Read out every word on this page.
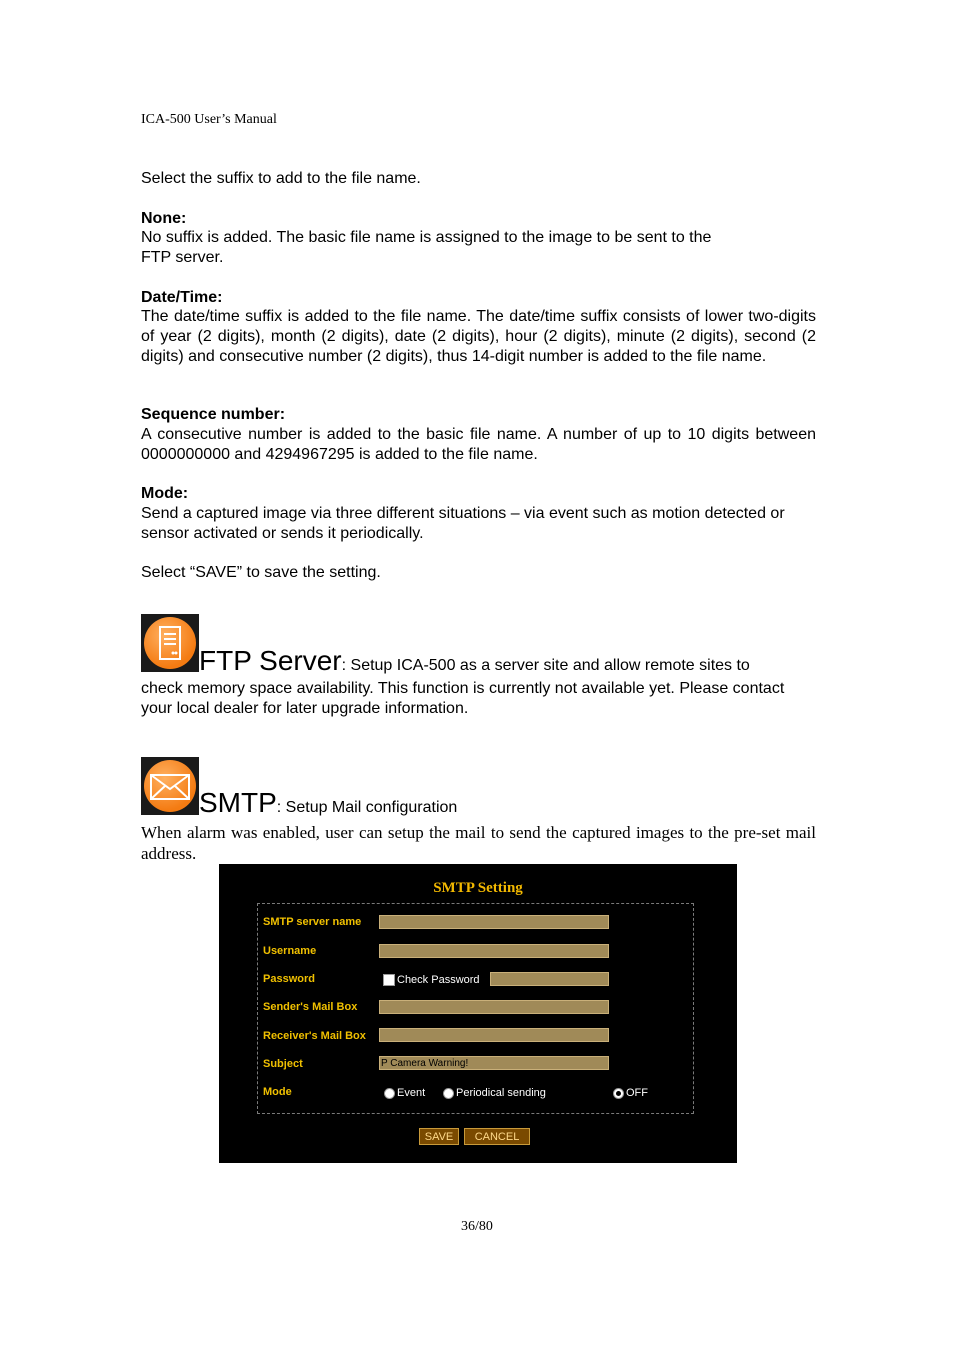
ICA-500 User’s Manual
Select the suffix to add to the file name.
None:
No suffix is added. The basic file name is assigned to the image to be sent to the
FTP server.
Date/Time:
The date/time suffix is added to the file name. The date/time suffix consists of lower two-digits of year (2 digits), month (2 digits), date (2 digits), hour (2 digits), minute (2 digits), second (2 digits) and consecutive number (2 digits), thus 14-digit number is added to the file name.
Sequence number:
A consecutive number is added to the basic file name. A number of up to 10 digits between 0000000000 and 4294967295 is added to the file name.
Mode:
Send a captured image via three different situations – via event such as motion detected or sensor activated or sends it periodically.
Select “SAVE” to save the setting.
FTP Server: Setup ICA-500 as a server site and allow remote sites to
check memory space availability. This function is currently not available yet. Please contact your local dealer for later upgrade information.
SMTP: Setup Mail configuration
When alarm was enabled, user can setup the mail to send the captured images to the pre-set mail address.
SMTP Setting
SMTP server name
Username
Password	Check Password
Sender's Mail Box
Receiver's Mail Box
Subject	P Camera Warning!
Mode	Event	Periodical sending	OFF
SAVE	CANCEL
36/80
